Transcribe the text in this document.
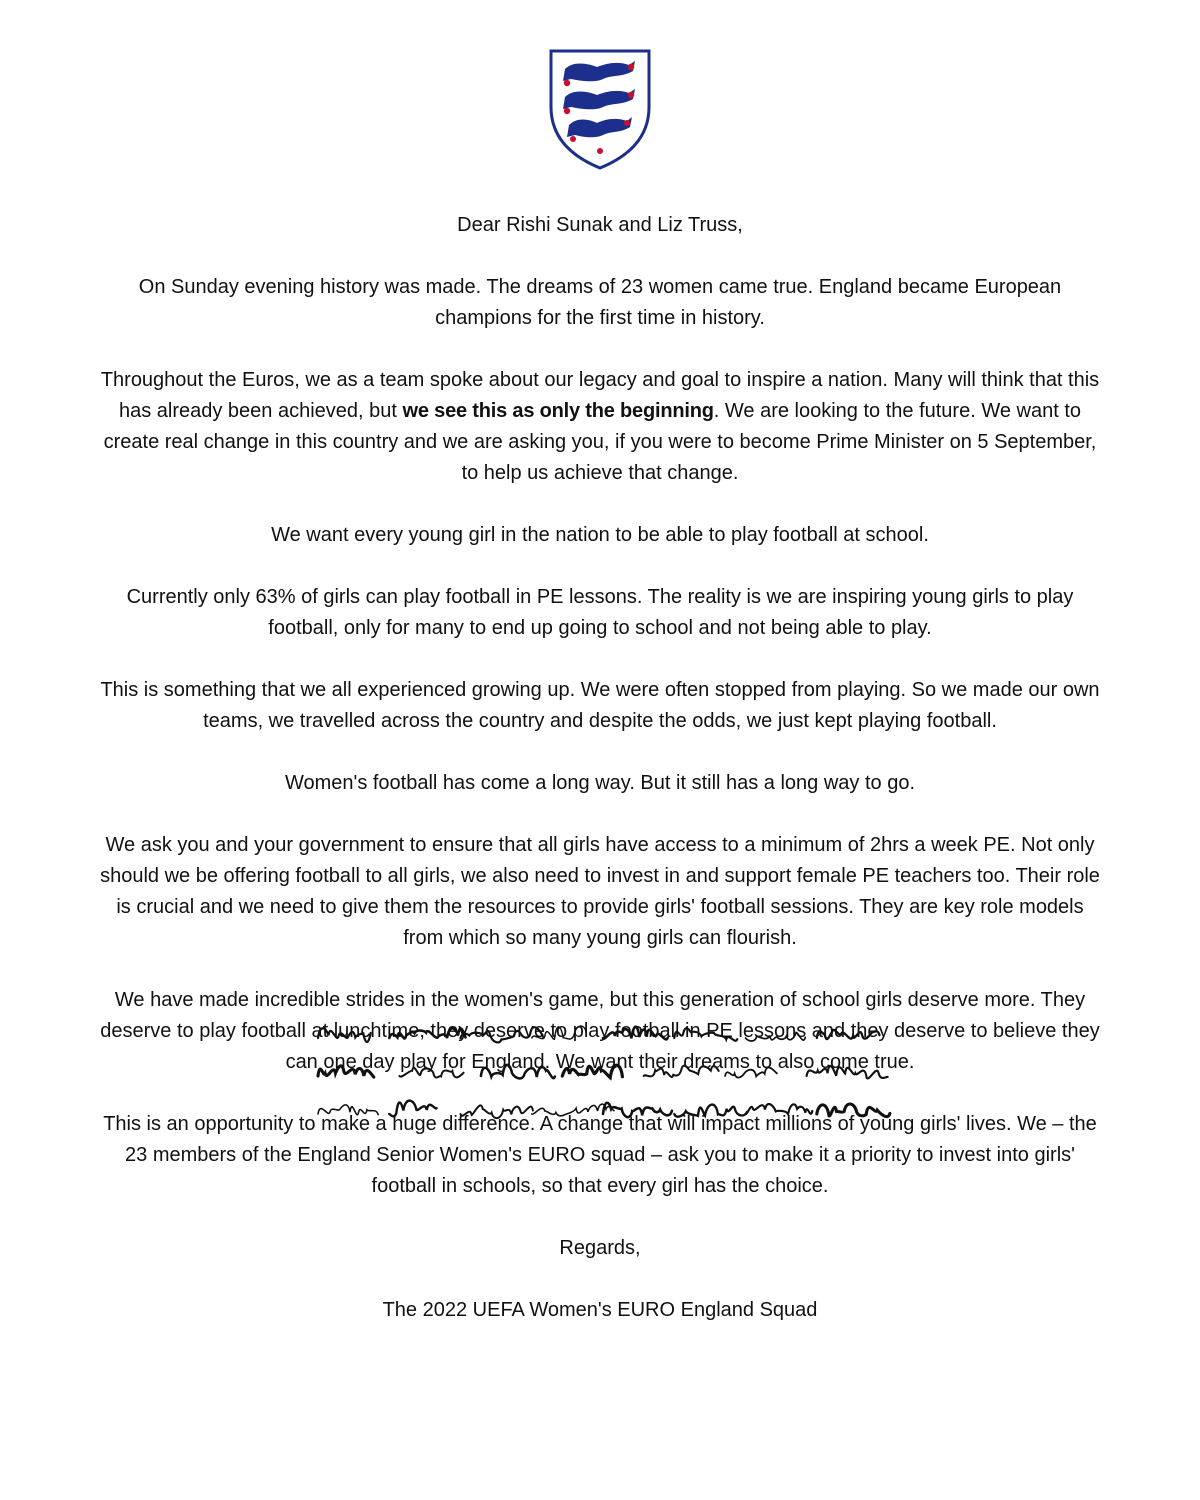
Dear Rishi Sunak and Liz Truss,

On Sunday evening history was made. The dreams of 23 women came true. England became European champions for the first time in history.

Throughout the Euros, we as a team spoke about our legacy and goal to inspire a nation. Many will think that this has already been achieved, but we see this as only the beginning. We are looking to the future. We want to create real change in this country and we are asking you, if you were to become Prime Minister on 5 September, to help us achieve that change.

We want every young girl in the nation to be able to play football at school.

Currently only 63% of girls can play football in PE lessons. The reality is we are inspiring young girls to play football, only for many to end up going to school and not being able to play.

This is something that we all experienced growing up. We were often stopped from playing. So we made our own teams, we travelled across the country and despite the odds, we just kept playing football.

Women's football has come a long way. But it still has a long way to go.

We ask you and your government to ensure that all girls have access to a minimum of 2hrs a week PE. Not only should we be offering football to all girls, we also need to invest in and support female PE teachers too. Their role is crucial and we need to give them the resources to provide girls' football sessions. They are key role models from which so many young girls can flourish.

We have made incredible strides in the women's game, but this generation of school girls deserve more. They deserve to play football at lunchtime, they deserve to play football in PE lessons and they deserve to believe they can one day play for England. We want their dreams to also come true.

This is an opportunity to make a huge difference. A change that will impact millions of young girls' lives. We – the 23 members of the England Senior Women's EURO squad – ask you to make it a priority to invest into girls' football in schools, so that every girl has the choice.

Regards,

The 2022 UEFA Women's EURO England Squad
